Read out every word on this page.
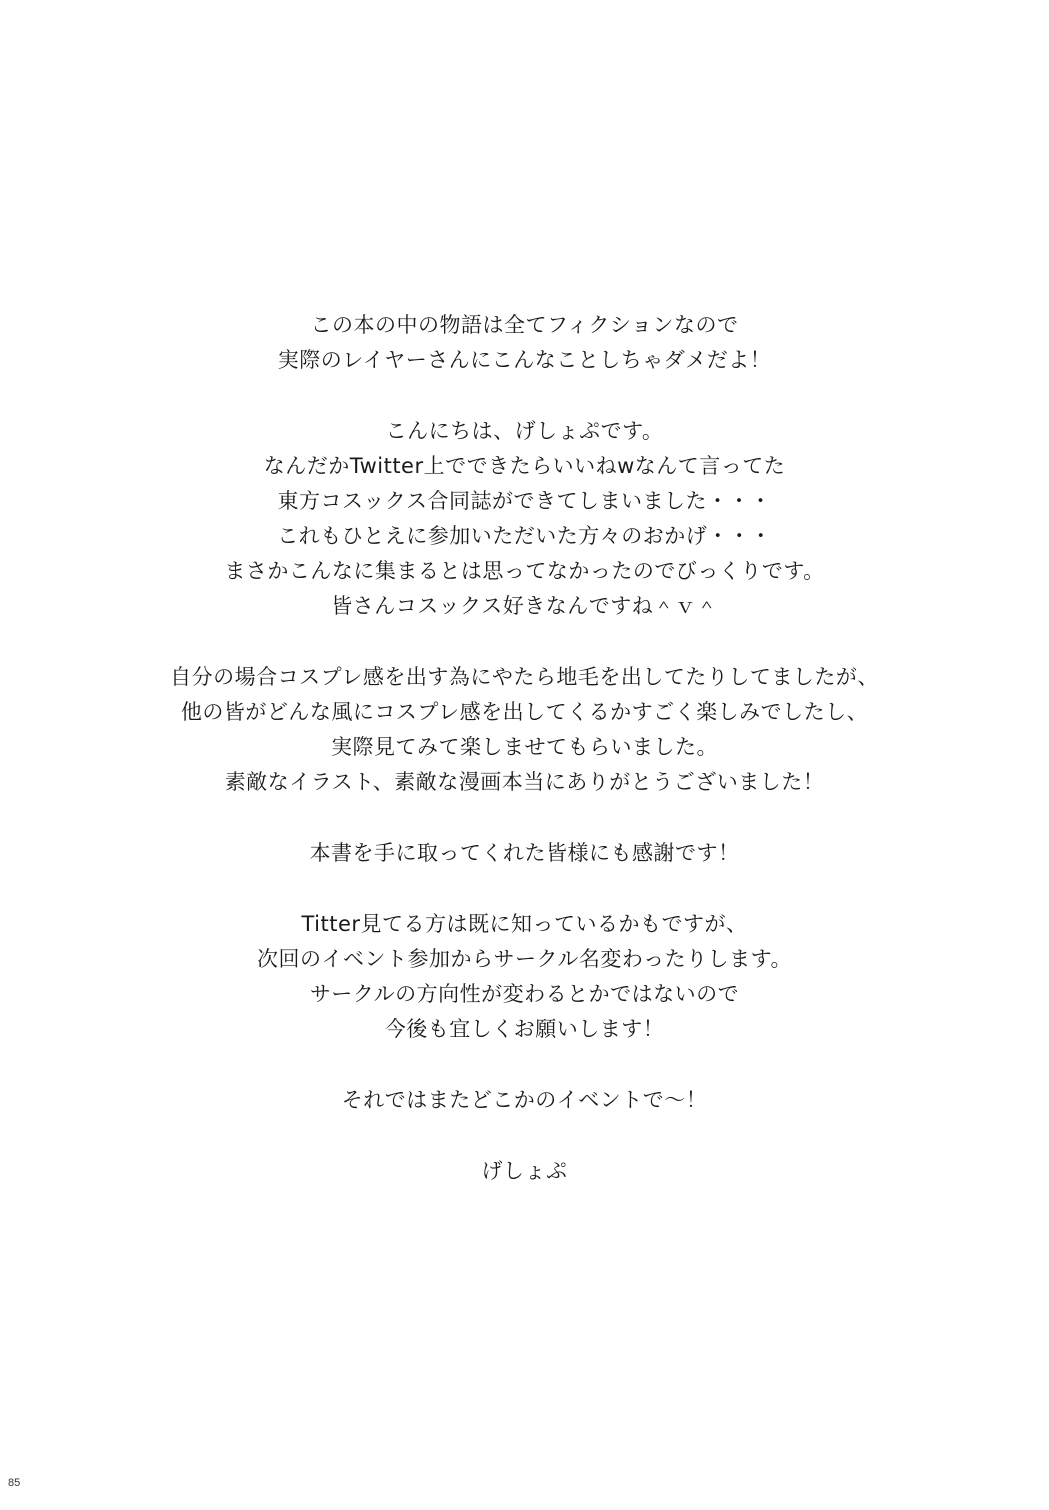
この本の中の物語は全てフィクションなので
実際のレイヤーさんにこんなことしちゃダメだよ！
こんにちは、げしょぷです。
なんだかTwitter上でできたらいいねwなんて言ってた
東方コスックス合同誌ができてしまいました・・・
これもひとえに参加いただいた方々のおかげ・・・
まさかこんなに集まるとは思ってなかったのでびっくりです。
皆さんコスックス好きなんですね＾ｖ＾
自分の場合コスプレ感を出す為にやたら地毛を出してたりしてましたが、
他の皆がどんな風にコスプレ感を出してくるかすごく楽しみでしたし、
実際見てみて楽しませてもらいました。
素敵なイラスト、素敵な漫画本当にありがとうございました！
本書を手に取ってくれた皆様にも感謝です！
Titter見てる方は既に知っているかもですが、
次回のイベント参加からサークル名変わったりします。
サークルの方向性が変わるとかではないので
今後も宜しくお願いします！
それではまたどこかのイベントで～！
げしょぷ
85
